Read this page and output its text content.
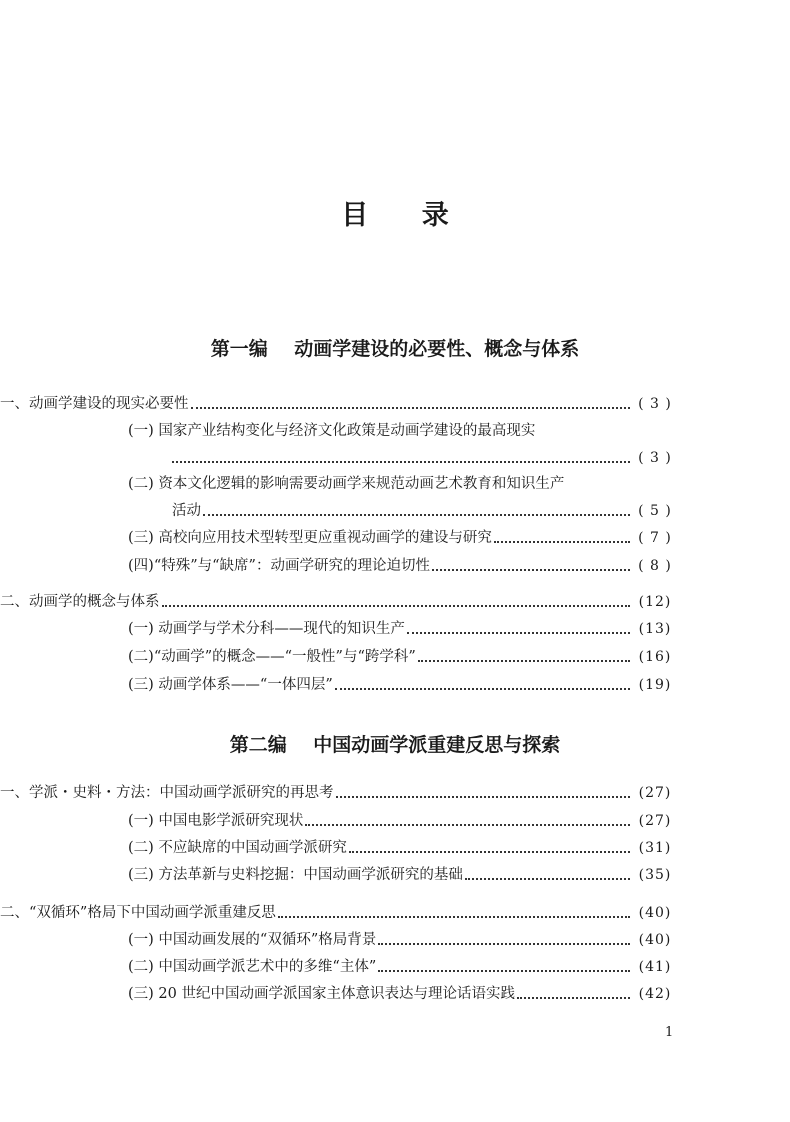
目 录
第一编    动画学建设的必要性、概念与体系
一、动画学建设的现实必要性	( 3 )
(一) 国家产业结构变化与经济文化政策是动画学建设的最高现实
( 3 )
(二) 资本文化逻辑的影响需要动画学来规范动画艺术教育和知识生产
活动	( 5 )
(三) 高校向应用技术型转型更应重视动画学的建设与研究	( 7 )
(四)“特殊”与“缺席”：动画学研究的理论迫切性	( 8 )
二、动画学的概念与体系	(12)
(一) 动画学与学术分科——现代的知识生产	(13)
(二)“动画学”的概念——“一般性”与“跨学科”	(16)
(三) 动画学体系——“一体四层”	(19)
第二编    中国动画学派重建反思与探索
一、学派・史料・方法：中国动画学派研究的再思考	(27)
(一) 中国电影学派研究现状	(27)
(二) 不应缺席的中国动画学派研究	(31)
(三) 方法革新与史料挖掘：中国动画学派研究的基础	(35)
二、“双循环”格局下中国动画学派重建反思	(40)
(一) 中国动画发展的“双循环”格局背景	(40)
(二) 中国动画学派艺术中的多维“主体”	(41)
(三) 20 世纪中国动画学派国家主体意识表达与理论话语实践	(42)
1
